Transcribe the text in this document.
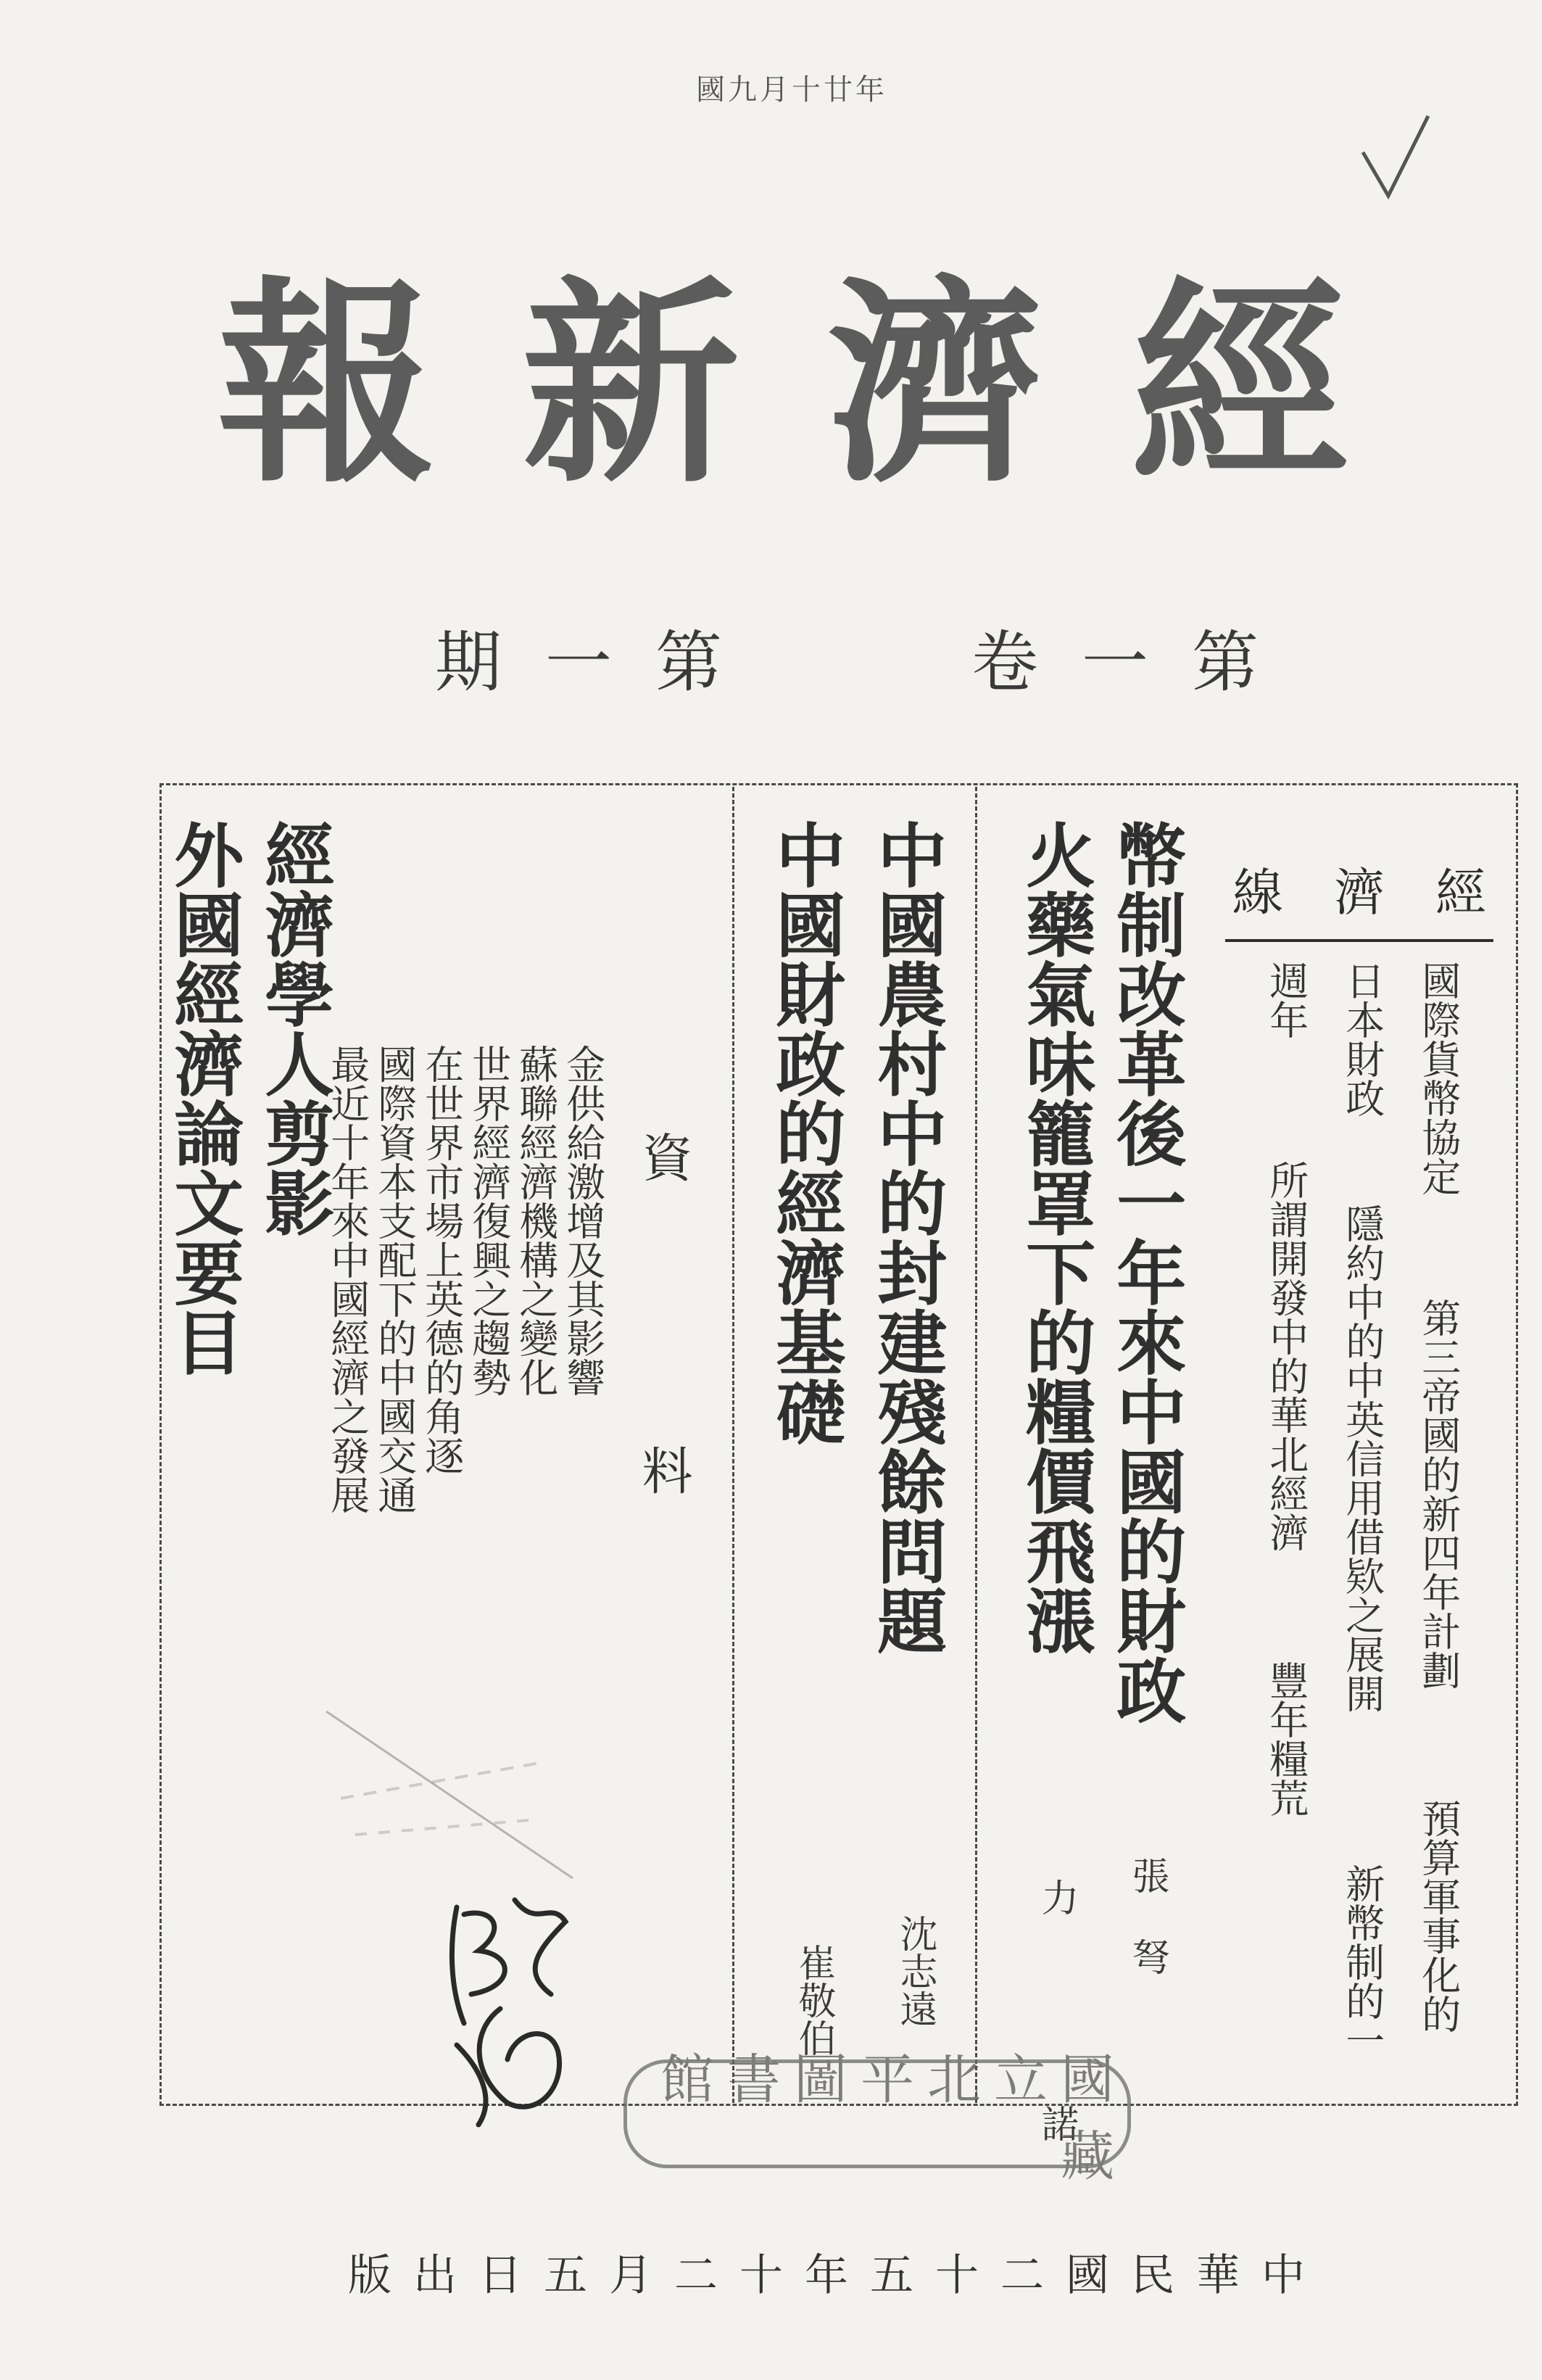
國九月十廿年
經濟新報
第一卷
第一期
經濟線
國際貨幣協定
第三帝國的新四年計劃
預算軍事化的
日本財政
隱約中的中英信用借欵之展開
新幣制的一
週年
所謂開發中的華北經濟
豐年糧荒
幣制改革後一年來中國的財政
張 弩
火藥氣味籠罩下的糧價飛漲
力 諾
中國農村中的封建殘餘問題
沈志遠
中國財政的經濟基礎
崔敬伯
資 料
金供給激增及其影響
蘇聯經濟機構之變化
世界經濟復興之趨勢
在世界市場上英德的角逐
國際資本支配下的中國交通
最近十年來中國經濟之發展
經濟學人剪影
外國經濟論文要目
國立北平圖書館藏
中華民國二十五年十二月五日出版
